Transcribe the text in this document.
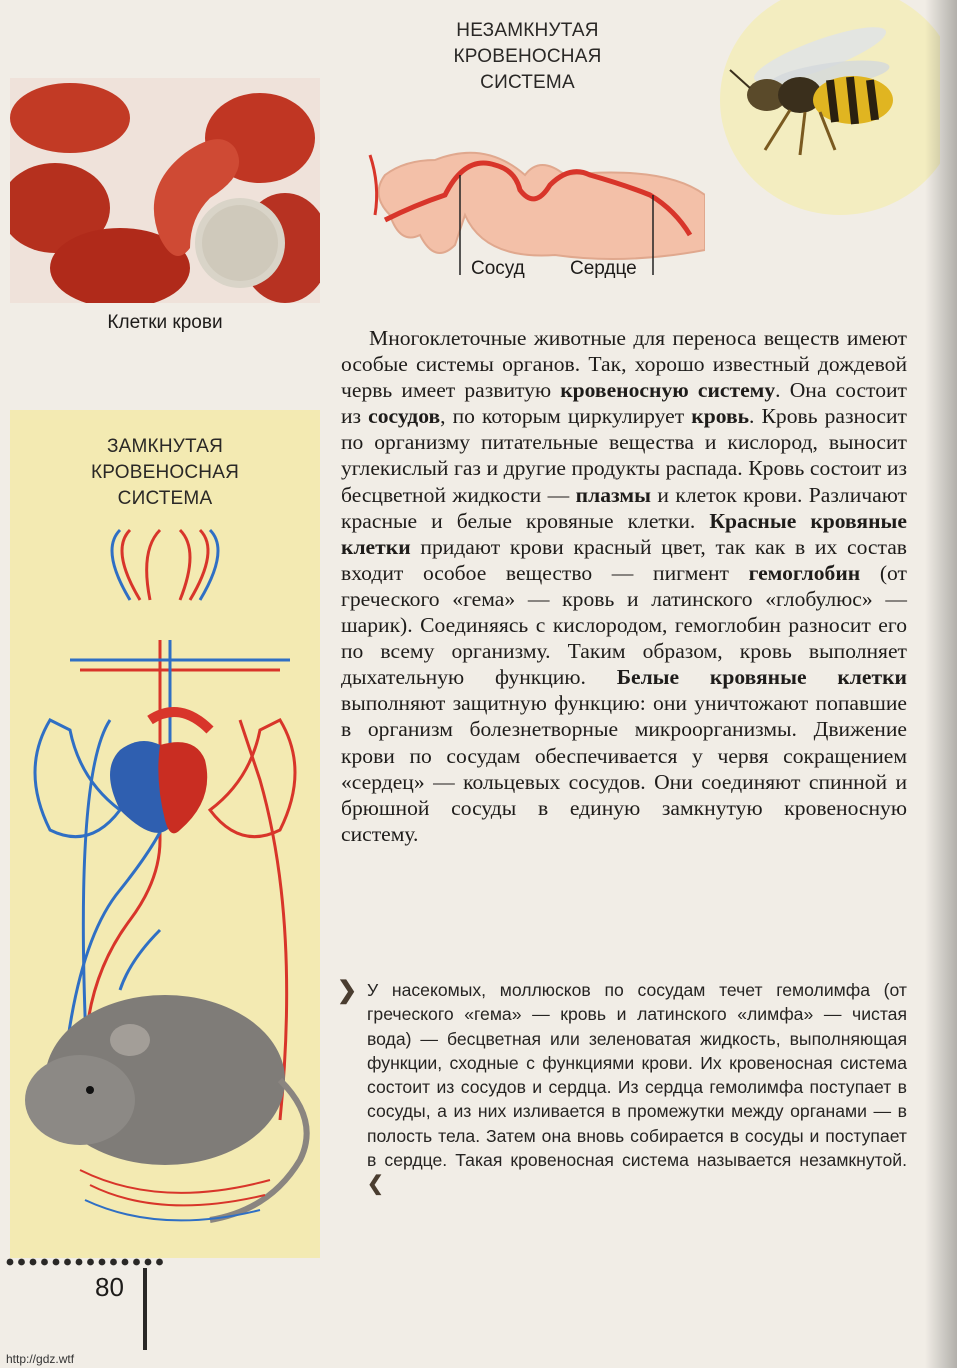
НЕЗАМКНУТАЯ
КРОВЕНОСНАЯ
СИСТЕМА
Сосуд Сердце
Клетки крови
ЗАМКНУТАЯ
КРОВЕНОСНАЯ
СИСТЕМА

Многоклеточные животные для переноса веществ имеют особые системы органов. Так, хорошо известный дождевой червь имеет развитую кровеносную систему. Она состоит из сосудов, по которым циркулирует кровь. Кровь разносит по организму питательные вещества и кислород, выносит углекислый газ и другие продукты распада. Кровь состоит из бесцветной жидкости — плазмы и клеток крови. Различают красные и белые кровяные клетки. Красные кровяные клетки придают крови красный цвет, так как в их состав входит особое вещество — пигмент гемоглобин (от греческого «гема» — кровь и латинского «глобулюс» — шарик). Соединяясь с кислородом, гемоглобин разносит его по всему организму. Таким образом, кровь выполняет дыхательную функцию. Белые кровяные клетки выполняют защитную функцию: они уничтожают попавшие в организм болезнетворные микроорганизмы. Движение крови по сосудам обеспечивается у червя сокращением «сердец» — кольцевых сосудов. Они соединяют спинной и брюшной сосуды в единую замкнутую кровеносную систему.

❯ У насекомых, моллюсков по сосудам течет гемолимфа (от греческого «гема» — кровь и латинского «лимфа» — чистая вода) — бесцветная или зеленоватая жидкость, выполняющая функции, сходные с функциями крови. Их кровеносная система состоит из сосудов и сердца. Из сердца гемолимфа поступает в сосуды, а из них изливается в промежутки между органами — в полость тела. Затем она вновь собирается в сосуды и поступает в сердце. Такая кровеносная система называется незамкнутой. ❮

80
http://gdz.wtf
